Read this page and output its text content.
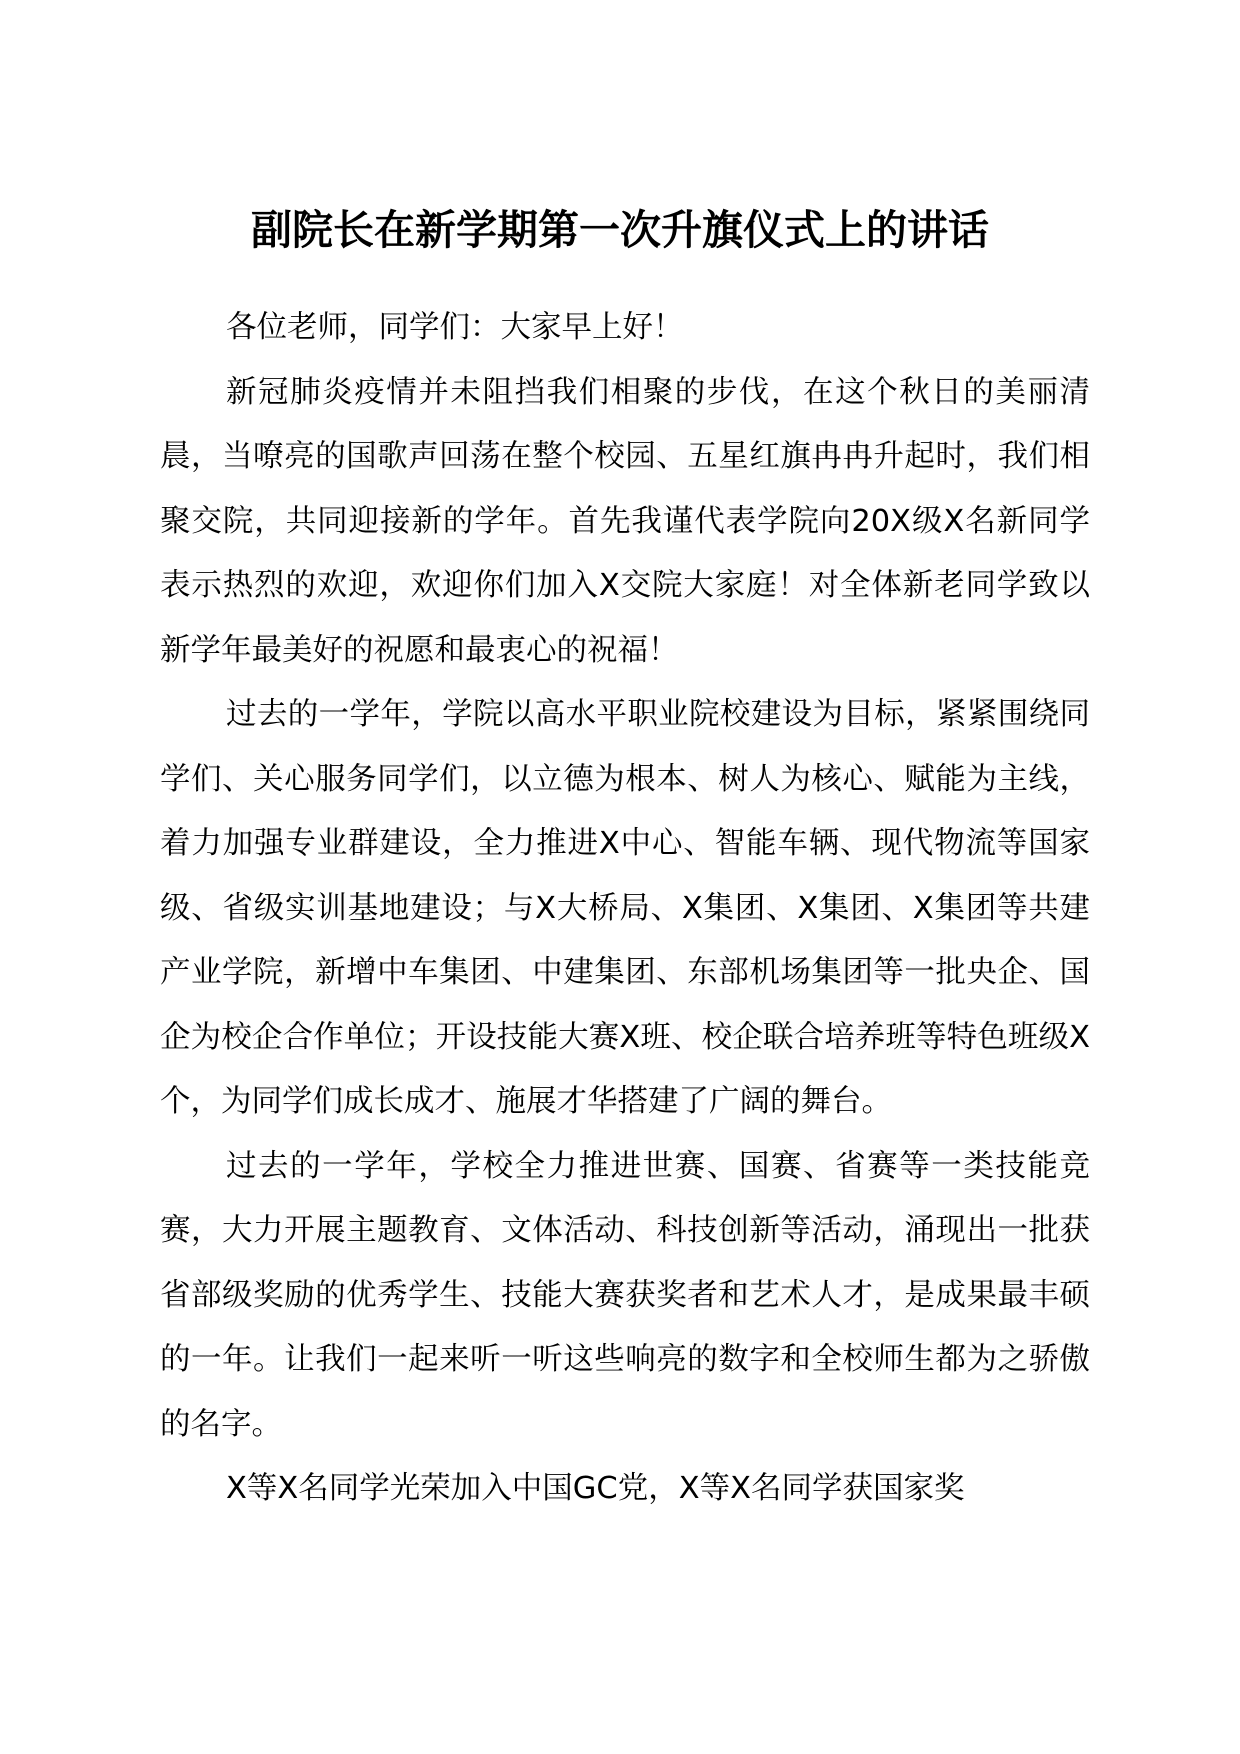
副院长在新学期第一次升旗仪式上的讲话

各位老师，同学们：大家早上好！

新冠肺炎疫情并未阻挡我们相聚的步伐，在这个秋日的美丽清晨，当嘹亮的国歌声回荡在整个校园、五星红旗冉冉升起时，我们相聚交院，共同迎接新的学年。首先我谨代表学院向20X级X名新同学表示热烈的欢迎，欢迎你们加入X交院大家庭！对全体新老同学致以新学年最美好的祝愿和最衷心的祝福！

过去的一学年，学院以高水平职业院校建设为目标，紧紧围绕同学们、关心服务同学们，以立德为根本、树人为核心、赋能为主线，着力加强专业群建设，全力推进X中心、智能车辆、现代物流等国家级、省级实训基地建设；与X大桥局、X集团、X集团、X集团等共建产业学院，新增中车集团、中建集团、东部机场集团等一批央企、国企为校企合作单位；开设技能大赛X班、校企联合培养班等特色班级X个，为同学们成长成才、施展才华搭建了广阔的舞台。

过去的一学年，学校全力推进世赛、国赛、省赛等一类技能竞赛，大力开展主题教育、文体活动、科技创新等活动，涌现出一批获省部级奖励的优秀学生、技能大赛获奖者和艺术人才，是成果最丰硕的一年。让我们一起来听一听这些响亮的数字和全校师生都为之骄傲的名字。

X等X名同学光荣加入中国GC党，X等X名同学获国家奖
